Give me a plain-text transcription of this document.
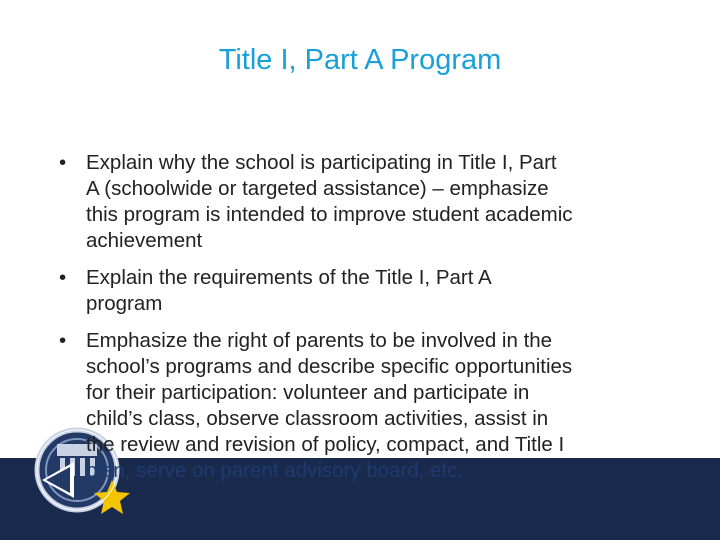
Title I, Part A Program
• Explain why the school is participating in Title I, Part
A (schoolwide or targeted assistance) – emphasize
this program is intended to improve student academic
achievement
• Explain the requirements of the Title I, Part A
program
• Emphasize the right of parents to be involved in the
school’s programs and describe specific opportunities
for their participation: volunteer and participate in
child’s class, observe classroom activities, assist in
the review and revision of policy, compact, and Title I
plan, serve on parent advisory board, etc.
